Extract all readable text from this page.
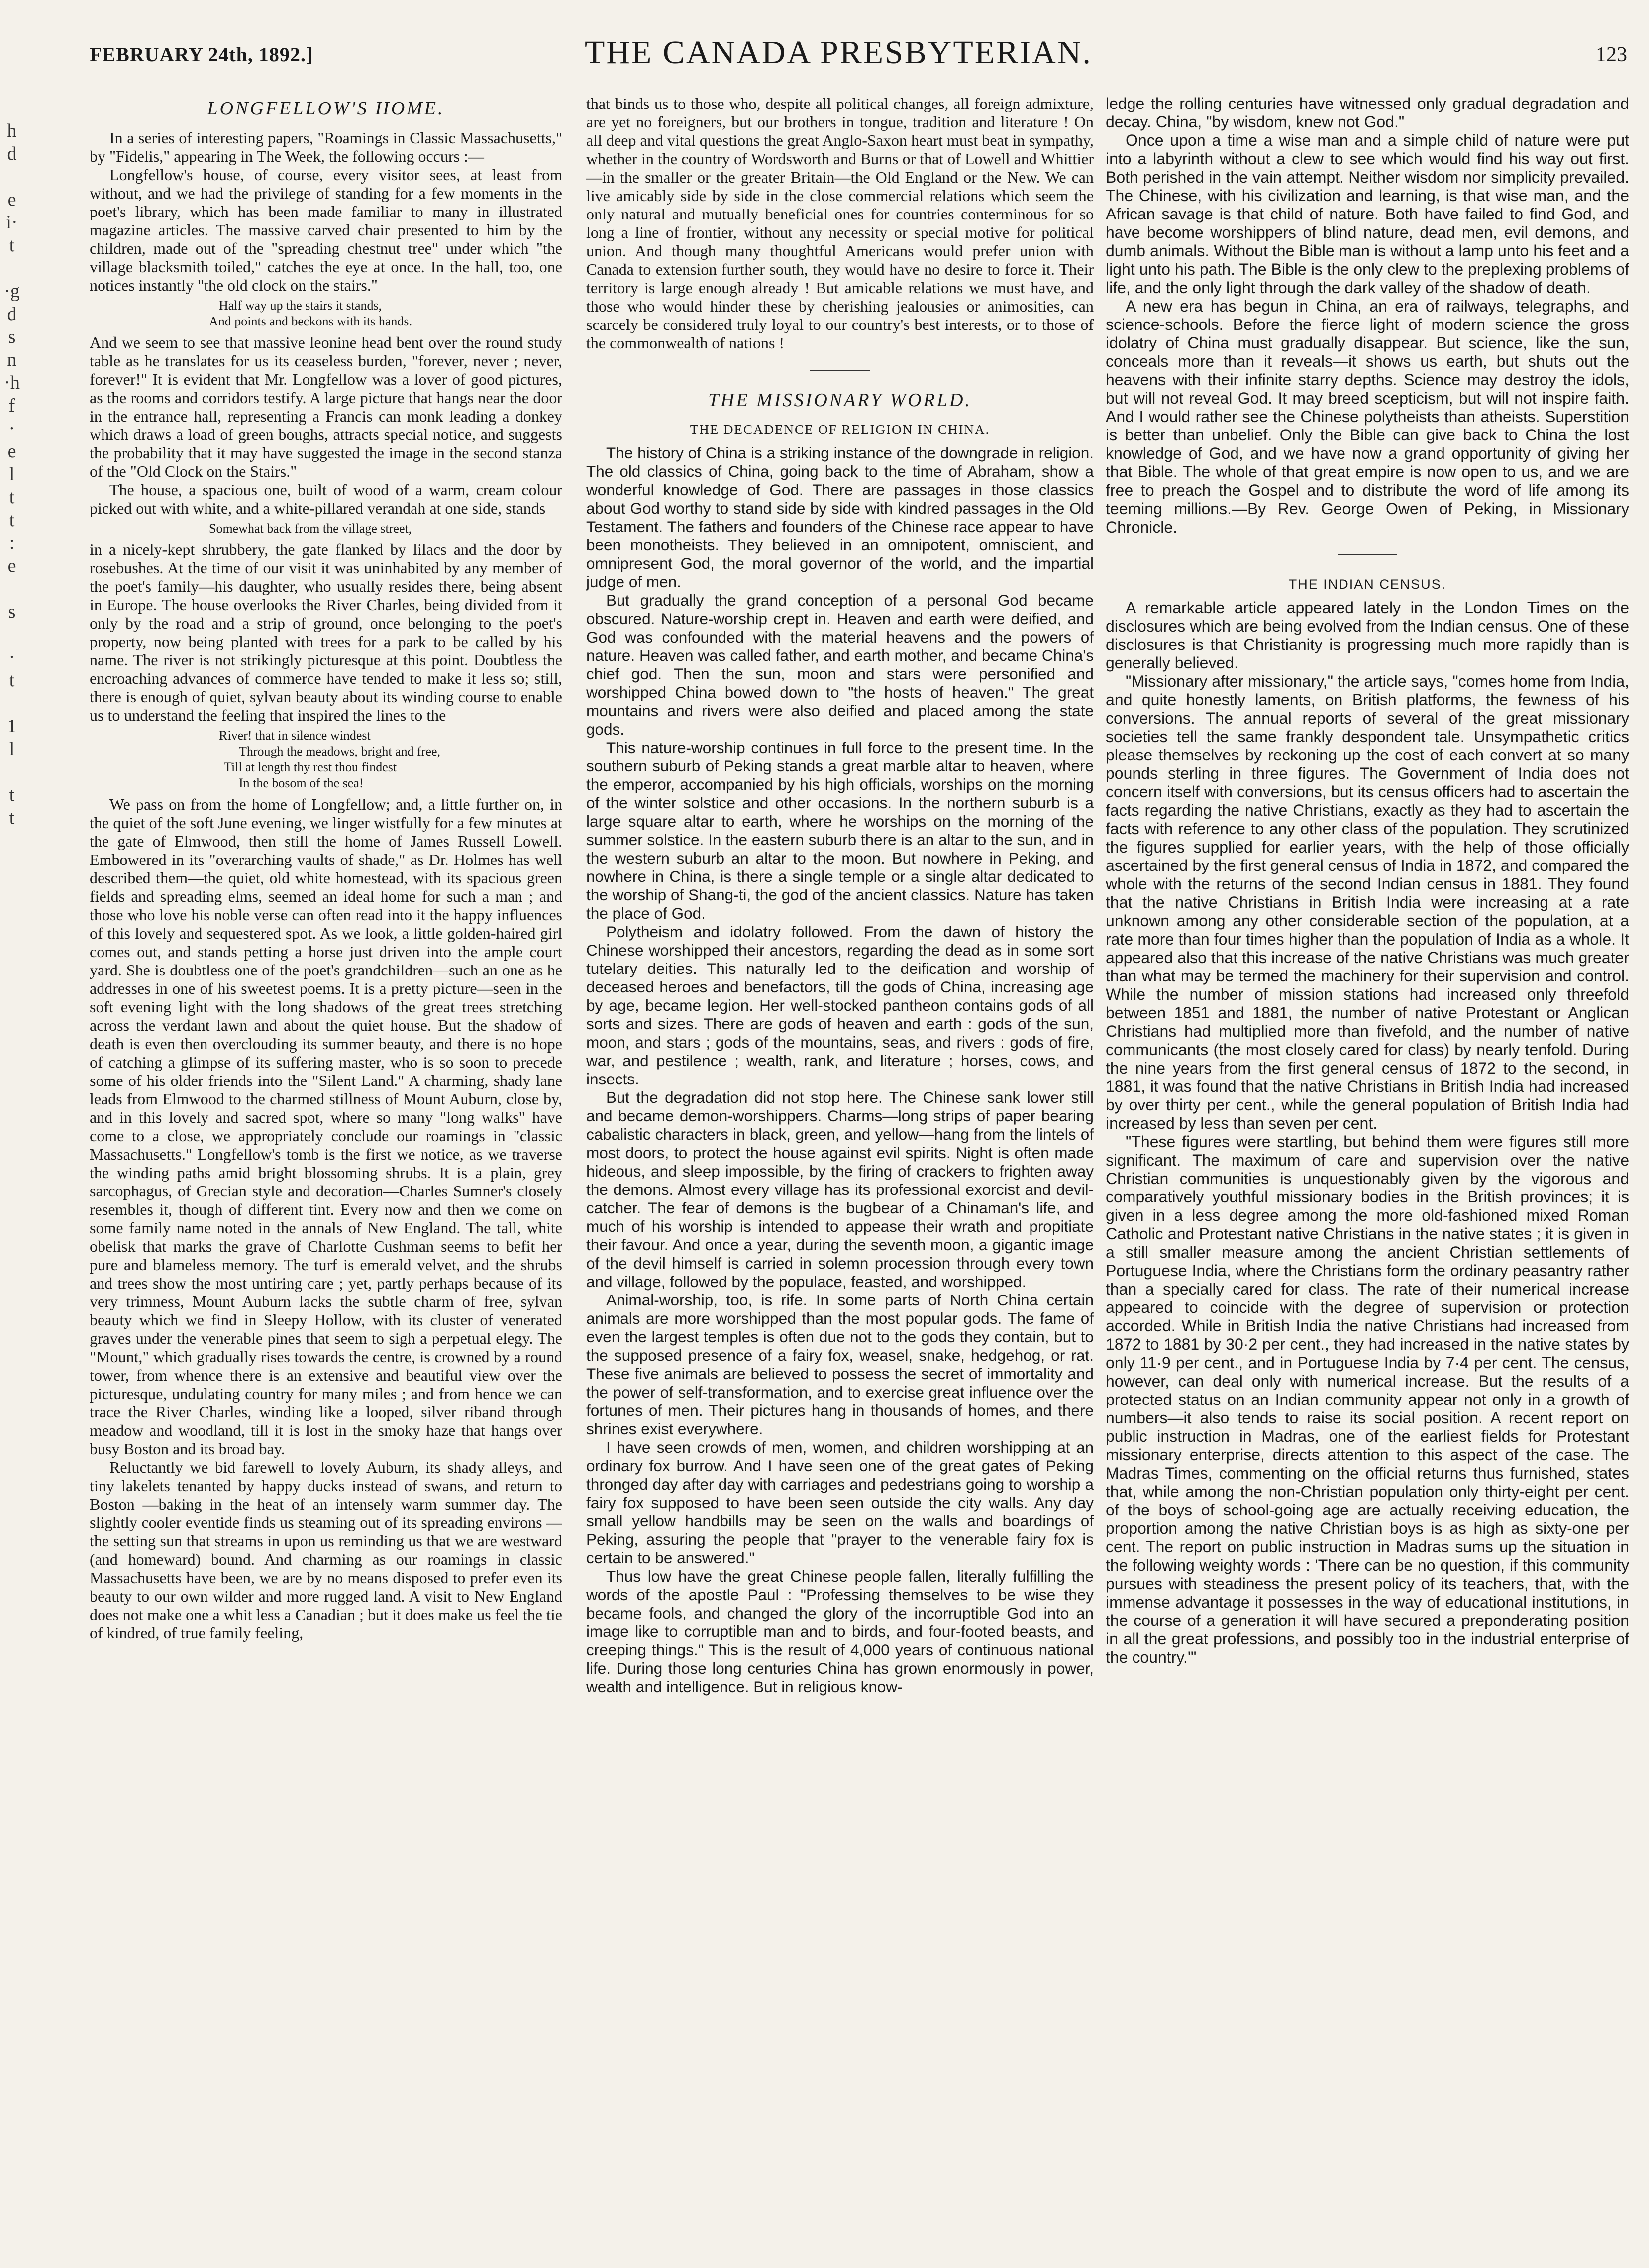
FEBRUARY 24th, 1892.]	THE CANADA PRESBYTERIAN.	123
h
d

e
i·
t

·g
d
s
n
·h
f
·
e
l
t
t
:
e

s

·
t

1
l

t
t
LONGFELLOW'S HOME.

In a series of interesting papers, "Roamings in Classic Massachusetts," by "Fidelis," appearing in The Week, the following occurs :—

Longfellow's house, of course, every visitor sees, at least from without, and we had the privilege of standing for a few moments in the poet's library, which has been made familiar to many in illustrated magazine articles. The massive carved chair presented to him by the children, made out of the "spreading chestnut tree" under which "the village blacksmith toiled," catches the eye at once. In the hall, too, one notices instantly "the old clock on the stairs."

Half way up the stairs it stands,
And points and beckons with its hands.

And we seem to see that massive leonine head bent over the round study table as he translates for us its ceaseless burden, "forever, never ; never, forever!" It is evident that Mr. Longfellow was a lover of good pictures, as the rooms and corridors testify. A large picture that hangs near the door in the entrance hall, representing a Francis can monk leading a donkey which draws a load of green boughs, attracts special notice, and suggests the probability that it may have suggested the image in the second stanza of the "Old Clock on the Stairs."

The house, a spacious one, built of wood of a warm, cream colour picked out with white, and a white-pillared verandah at one side, stands

Somewhat back from the village street,

in a nicely-kept shrubbery, the gate flanked by lilacs and the door by rosebushes. At the time of our visit it was uninhabited by any member of the poet's family—his daughter, who usually resides there, being absent in Europe. The house overlooks the River Charles, being divided from it only by the road and a strip of ground, once belonging to the poet's property, now being planted with trees for a park to be called by his name. The river is not strikingly picturesque at this point. Doubtless the encroaching advances of commerce have tended to make it less so; still, there is enough of quiet, sylvan beauty about its winding course to enable us to understand the feeling that inspired the lines to the

River! that in silence windest
Through the meadows, bright and free,
Till at length thy rest thou findest
In the bosom of the sea!

We pass on from the home of Longfellow; and, a little further on, in the quiet of the soft June evening, we linger wistfully for a few minutes at the gate of Elmwood, then still the home of James Russell Lowell. Embowered in its "overarching vaults of shade," as Dr. Holmes has well described them—the quiet, old white homestead, with its spacious green fields and spreading elms, seemed an ideal home for such a man ; and those who love his noble verse can often read into it the happy influences of this lovely and sequestered spot. As we look, a little golden-haired girl comes out, and stands petting a horse just driven into the ample court yard. She is doubtless one of the poet's grandchildren—such an one as he addresses in one of his sweetest poems. It is a pretty picture—seen in the soft evening light with the long shadows of the great trees stretching across the verdant lawn and about the quiet house. But the shadow of death is even then overclouding its summer beauty, and there is no hope of catching a glimpse of its suffering master, who is so soon to precede some of his older friends into the "Silent Land." A charming, shady lane leads from Elmwood to the charmed stillness of Mount Auburn, close by, and in this lovely and sacred spot, where so many "long walks" have come to a close, we appropriately conclude our roamings in "classic Massachusetts." Longfellow's tomb is the first we notice, as we traverse the winding paths amid bright blossoming shrubs. It is a plain, grey sarcophagus, of Grecian style and decoration—Charles Sumner's closely resembles it, though of different tint. Every now and then we come on some family name noted in the annals of New England. The tall, white obelisk that marks the grave of Charlotte Cushman seems to befit her pure and blameless memory. The turf is emerald velvet, and the shrubs and trees show the most untiring care ; yet, partly perhaps because of its very trimness, Mount Auburn lacks the subtle charm of free, sylvan beauty which we find in Sleepy Hollow, with its cluster of venerated graves under the venerable pines that seem to sigh a perpetual elegy. The "Mount," which gradually rises towards the centre, is crowned by a round tower, from whence there is an extensive and beautiful view over the picturesque, undulating country for many miles ; and from hence we can trace the River Charles, winding like a looped, silver riband through meadow and woodland, till it is lost in the smoky haze that hangs over busy Boston and its broad bay.

Reluctantly we bid farewell to lovely Auburn, its shady alleys, and tiny lakelets tenanted by happy ducks instead of swans, and return to Boston —baking in the heat of an intensely warm summer day. The slightly cooler eventide finds us steaming out of its spreading environs —the setting sun that streams in upon us reminding us that we are westward (and homeward) bound. And charming as our roamings in classic Massachusetts have been, we are by no means disposed to prefer even its beauty to our own wilder and more rugged land. A visit to New England does not make one a whit less a Canadian ; but it does make us feel the tie of kindred, of true family feeling,

that binds us to those who, despite all political changes, all foreign admixture, are yet no foreigners, but our brothers in tongue, tradition and literature ! On all deep and vital questions the great Anglo-Saxon heart must beat in sympathy, whether in the country of Wordsworth and Burns or that of Lowell and Whittier—in the smaller or the greater Britain—the Old England or the New. We can live amicably side by side in the close commercial relations which seem the only natural and mutually beneficial ones for countries conterminous for so long a line of frontier, without any necessity or special motive for political union. And though many thoughtful Americans would prefer union with Canada to extension further south, they would have no desire to force it. Their territory is large enough already ! But amicable relations we must have, and those who would hinder these by cherishing jealousies or animosities, can scarcely be considered truly loyal to our country's best interests, or to those of the commonwealth of nations !

THE MISSIONARY WORLD.
THE DECADENCE OF RELIGION IN CHINA.

The history of China is a striking instance of the downgrade in religion. The old classics of China, going back to the time of Abraham, show a wonderful knowledge of God. There are passages in those classics about God worthy to stand side by side with kindred passages in the Old Testament. The fathers and founders of the Chinese race appear to have been monotheists. They believed in an omnipotent, omniscient, and omnipresent God, the moral governor of the world, and the impartial judge of men.

But gradually the grand conception of a personal God became obscured. Nature-worship crept in. Heaven and earth were deified, and God was confounded with the material heavens and the powers of nature. Heaven was called father, and earth mother, and became China's chief god. Then the sun, moon and stars were personified and worshipped China bowed down to "the hosts of heaven." The great mountains and rivers were also deified and placed among the state gods.

This nature-worship continues in full force to the present time. In the southern suburb of Peking stands a great marble altar to heaven, where the emperor, accompanied by his high officials, worships on the morning of the winter solstice and other occasions. In the northern suburb is a large square altar to earth, where he worships on the morning of the summer solstice. In the eastern suburb there is an altar to the sun, and in the western suburb an altar to the moon. But nowhere in Peking, and nowhere in China, is there a single temple or a single altar dedicated to the worship of Shang-ti, the god of the ancient classics. Nature has taken the place of God.

Polytheism and idolatry followed. From the dawn of history the Chinese worshipped their ancestors, regarding the dead as in some sort tutelary deities. This naturally led to the deification and worship of deceased heroes and benefactors, till the gods of China, increasing age by age, became legion. Her well-stocked pantheon contains gods of all sorts and sizes. There are gods of heaven and earth : gods of the sun, moon, and stars ; gods of the mountains, seas, and rivers : gods of fire, war, and pestilence ; wealth, rank, and literature ; horses, cows, and insects.

But the degradation did not stop here. The Chinese sank lower still and became demon-worshippers. Charms—long strips of paper bearing cabalistic characters in black, green, and yellow—hang from the lintels of most doors, to protect the house against evil spirits. Night is often made hideous, and sleep impossible, by the firing of crackers to frighten away the demons. Almost every village has its professional exorcist and devil-catcher. The fear of demons is the bugbear of a Chinaman's life, and much of his worship is intended to appease their wrath and propitiate their favour. And once a year, during the seventh moon, a gigantic image of the devil himself is carried in solemn procession through every town and village, followed by the populace, feasted, and worshipped.

Animal-worship, too, is rife. In some parts of North China certain animals are more worshipped than the most popular gods. The fame of even the largest temples is often due not to the gods they contain, but to the supposed presence of a fairy fox, weasel, snake, hedgehog, or rat. These five animals are believed to possess the secret of immortality and the power of self-transformation, and to exercise great influence over the fortunes of men. Their pictures hang in thousands of homes, and there shrines exist everywhere.

I have seen crowds of men, women, and children worshipping at an ordinary fox burrow. And I have seen one of the great gates of Peking thronged day after day with carriages and pedestrians going to worship a fairy fox supposed to have been seen outside the city walls. Any day small yellow handbills may be seen on the walls and boardings of Peking, assuring the people that "prayer to the venerable fairy fox is certain to be answered."

Thus low have the great Chinese people fallen, literally fulfilling the words of the apostle Paul : "Professing themselves to be wise they became fools, and changed the glory of the incorruptible God into an image like to corruptible man and to birds, and four-footed beasts, and creeping things." This is the result of 4,000 years of continuous national life. During those long centuries China has grown enormously in power, wealth and intelligence. But in religious know-

ledge the rolling centuries have witnessed only gradual degradation and decay. China, "by wisdom, knew not God."

Once upon a time a wise man and a simple child of nature were put into a labyrinth without a clew to see which would find his way out first. Both perished in the vain attempt. Neither wisdom nor simplicity prevailed. The Chinese, with his civilization and learning, is that wise man, and the African savage is that child of nature. Both have failed to find God, and have become worshippers of blind nature, dead men, evil demons, and dumb animals. Without the Bible man is without a lamp unto his feet and a light unto his path. The Bible is the only clew to the preplexing problems of life, and the only light through the dark valley of the shadow of death.

A new era has begun in China, an era of railways, telegraphs, and science-schools. Before the fierce light of modern science the gross idolatry of China must gradually disappear. But science, like the sun, conceals more than it reveals—it shows us earth, but shuts out the heavens with their infinite starry depths. Science may destroy the idols, but will not reveal God. It may breed scepticism, but will not inspire faith. And I would rather see the Chinese polytheists than atheists. Superstition is better than unbelief. Only the Bible can give back to China the lost knowledge of God, and we have now a grand opportunity of giving her that Bible. The whole of that great empire is now open to us, and we are free to preach the Gospel and to distribute the word of life among its teeming millions.—By Rev. George Owen of Peking, in Missionary Chronicle.

THE INDIAN CENSUS.

A remarkable article appeared lately in the London Times on the disclosures which are being evolved from the Indian census. One of these disclosures is that Christianity is progressing much more rapidly than is generally believed.

"Missionary after missionary," the article says, "comes home from India, and quite honestly laments, on British platforms, the fewness of his conversions. The annual reports of several of the great missionary societies tell the same frankly despondent tale. Unsympathetic critics please themselves by reckoning up the cost of each convert at so many pounds sterling in three figures. The Government of India does not concern itself with conversions, but its census officers had to ascertain the facts regarding the native Christians, exactly as they had to ascertain the facts with reference to any other class of the population. They scrutinized the figures supplied for earlier years, with the help of those officially ascertained by the first general census of India in 1872, and compared the whole with the returns of the second Indian census in 1881. They found that the native Christians in British India were increasing at a rate unknown among any other considerable section of the population, at a rate more than four times higher than the population of India as a whole. It appeared also that this increase of the native Christians was much greater than what may be termed the machinery for their supervision and control. While the number of mission stations had increased only threefold between 1851 and 1881, the number of native Protestant or Anglican Christians had multiplied more than fivefold, and the number of native communicants (the most closely cared for class) by nearly tenfold. During the nine years from the first general census of 1872 to the second, in 1881, it was found that the native Christians in British India had increased by over thirty per cent., while the general population of British India had increased by less than seven per cent.

"These figures were startling, but behind them were figures still more significant. The maximum of care and supervision over the native Christian communities is unquestionably given by the vigorous and comparatively youthful missionary bodies in the British provinces; it is given in a less degree among the more old-fashioned mixed Roman Catholic and Protestant native Christians in the native states ; it is given in a still smaller measure among the ancient Christian settlements of Portuguese India, where the Christians form the ordinary peasantry rather than a specially cared for class. The rate of their numerical increase appeared to coincide with the degree of supervision or protection accorded. While in British India the native Christians had increased from 1872 to 1881 by 30·2 per cent., they had increased in the native states by only 11·9 per cent., and in Portuguese India by 7·4 per cent. The census, however, can deal only with numerical increase. But the results of a protected status on an Indian community appear not only in a growth of numbers—it also tends to raise its social position. A recent report on public instruction in Madras, one of the earliest fields for Protestant missionary enterprise, directs attention to this aspect of the case. The Madras Times, commenting on the official returns thus furnished, states that, while among the non-Christian population only thirty-eight per cent. of the boys of school-going age are actually receiving education, the proportion among the native Christian boys is as high as sixty-one per cent. The report on public instruction in Madras sums up the situation in the following weighty words : 'There can be no question, if this community pursues with steadiness the present policy of its teachers, that, with the immense advantage it possesses in the way of educational institutions, in the course of a generation it will have secured a preponderating position in all the great professions, and possibly too in the industrial enterprise of the country.'"
